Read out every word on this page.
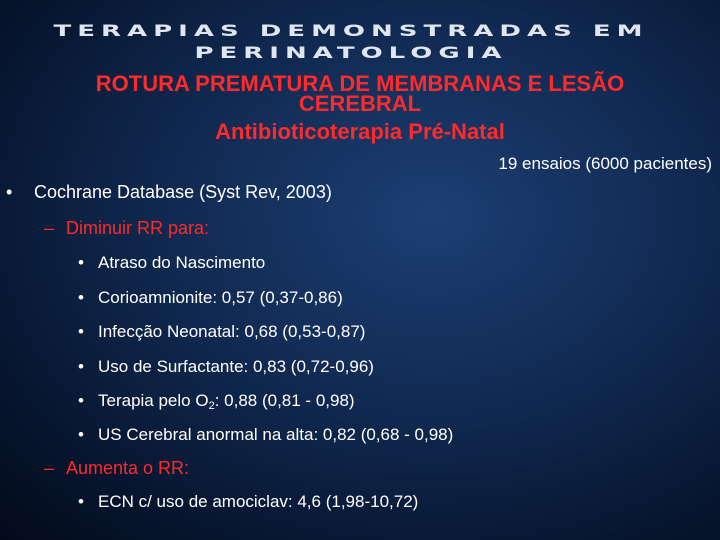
TERAPIAS DEMONSTRADAS EM
PERINATOLOGIA
ROTURA PREMATURA DE MEMBRANAS E LESÃO
CEREBRAL
Antibioticoterapia Pré-Natal
19 ensaios (6000 pacientes)
• Cochrane Database (Syst Rev, 2003)
– Diminuir RR para:
• Atraso do Nascimento
• Corioamnionite: 0,57 (0,37-0,86)
• Infecção Neonatal: 0,68 (0,53-0,87)
• Uso de Surfactante: 0,83 (0,72-0,96)
• Terapia pelo $O_2$: 0,88 (0,81 - 0,98)
• US Cerebral anormal na alta: 0,82 (0,68 - 0,98)
– Aumenta o RR:
• ECN c/ uso de amociclav: 4,6 (1,98-10,72)
